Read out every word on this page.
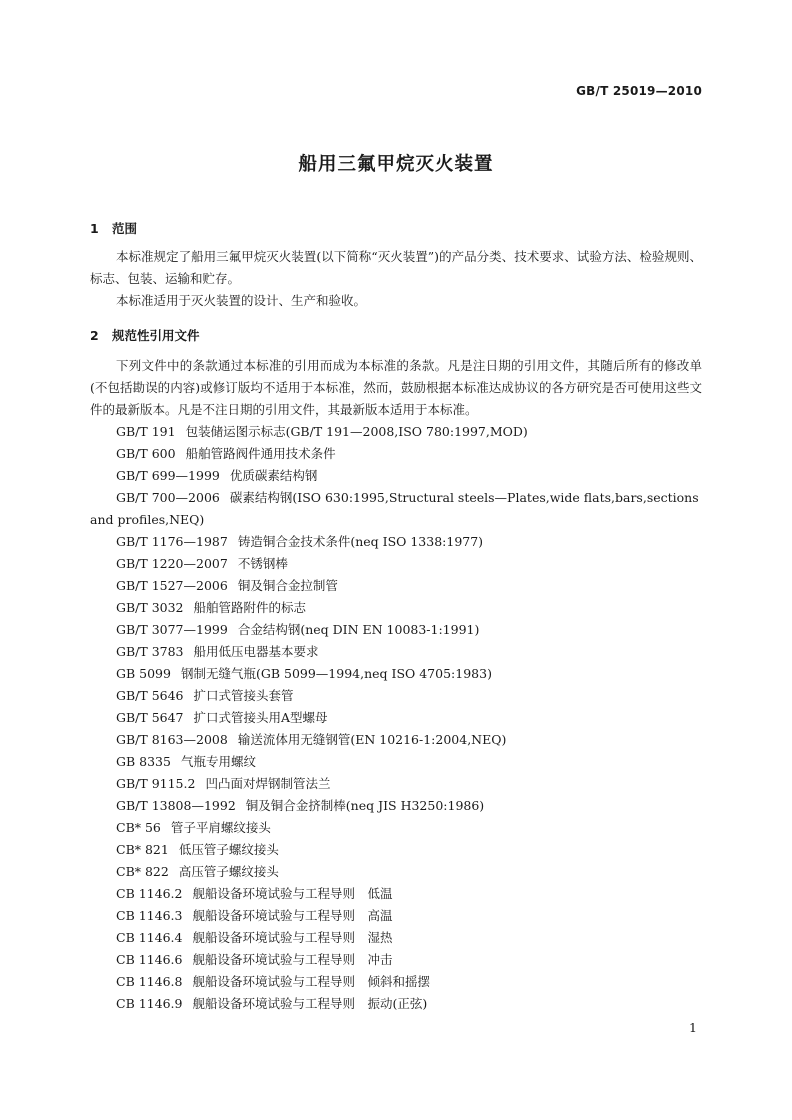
GB/T 25019—2010
船用三氟甲烷灭火装置
1 范围

本标准规定了船用三氟甲烷灭火装置(以下简称“灭火装置”)的产品分类、技术要求、试验方法、检验规则、标志、包装、运输和贮存。

本标准适用于灭火装置的设计、生产和验收。

2 规范性引用文件

下列文件中的条款通过本标准的引用而成为本标准的条款。凡是注日期的引用文件，其随后所有的修改单(不包括勘误的内容)或修订版均不适用于本标准，然而，鼓励根据本标准达成协议的各方研究是否可使用这些文件的最新版本。凡是不注日期的引用文件，其最新版本适用于本标准。

GB/T 191 包装储运图示标志(GB/T 191—2008,ISO 780:1997,MOD)
GB/T 600 船舶管路阀件通用技术条件
GB/T 699—1999 优质碳素结构钢
GB/T 700—2006 碳素结构钢(ISO 630:1995,Structural steels—Plates,wide flats,bars,sections and profiles,NEQ)
GB/T 1176—1987 铸造铜合金技术条件(neq ISO 1338:1977)
GB/T 1220—2007 不锈钢棒
GB/T 1527—2006 铜及铜合金拉制管
GB/T 3032 船舶管路附件的标志
GB/T 3077—1999 合金结构钢(neq DIN EN 10083-1:1991)
GB/T 3783 船用低压电器基本要求
GB 5099 钢制无缝气瓶(GB 5099—1994,neq ISO 4705:1983)
GB/T 5646 扩口式管接头套管
GB/T 5647 扩口式管接头用A型螺母
GB/T 8163—2008 输送流体用无缝钢管(EN 10216-1:2004,NEQ)
GB 8335 气瓶专用螺纹
GB/T 9115.2 凹凸面对焊钢制管法兰
GB/T 13808—1992 铜及铜合金挤制棒(neq JIS H3250:1986)
CB* 56 管子平肩螺纹接头
CB* 821 低压管子螺纹接头
CB* 822 高压管子螺纹接头
CB 1146.2 舰船设备环境试验与工程导则　低温
CB 1146.3 舰船设备环境试验与工程导则　高温
CB 1146.4 舰船设备环境试验与工程导则　湿热
CB 1146.6 舰船设备环境试验与工程导则　冲击
CB 1146.8 舰船设备环境试验与工程导则　倾斜和摇摆
CB 1146.9 舰船设备环境试验与工程导则　振动(正弦)
1
